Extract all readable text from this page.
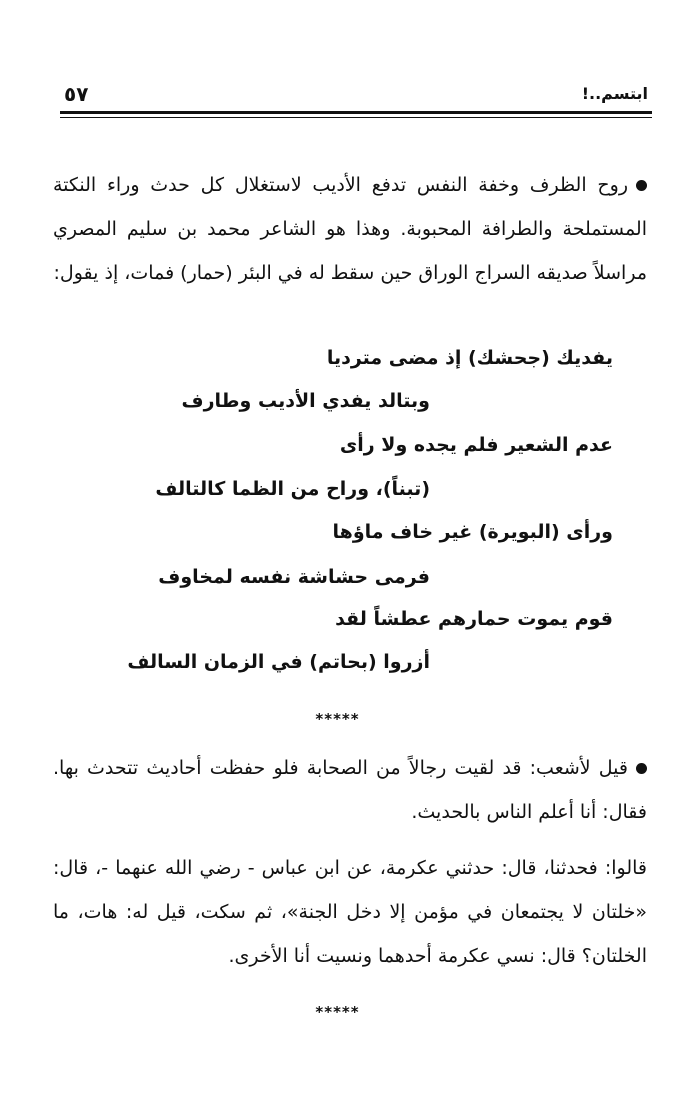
٥٧	ابتسم..!

روح الظرف وخفة النفس تدفع الأديب لاستغلال كل حدث وراء النكتة المستملحة والطرافة المحبوبة. وهذا هو الشاعر محمد بن سليم المصري مراسلاً صديقه السراج الوراق حين سقط له في البئر (حمار) فمات، إذ يقول:

يفديك (جحشك) إذ مضى مترديا
وبتالد يفدي الأديب وطارف
عدم الشعير فلم يجده ولا رأى
(تبناً)، وراح من الظما كالتالف
ورأى (البويرة) غير خاف ماؤها
فرمى حشاشة نفسه لمخاوف
قوم يموت حمارهم عطشاً لقد
أزروا (بحاتم) في الزمان السالف
*****

قيل لأشعب: قد لقيت رجالاً من الصحابة فلو حفظت أحاديث تتحدث بها. فقال: أنا أعلم الناس بالحديث.

قالوا: فحدثنا، قال: حدثني عكرمة، عن ابن عباس - رضي الله عنهما -، قال: «خلتان لا يجتمعان في مؤمن إلا دخل الجنة»، ثم سكت، قيل له: هات، ما الخلتان؟ قال: نسي عكرمة أحدهما ونسيت أنا الأخرى.

*****
